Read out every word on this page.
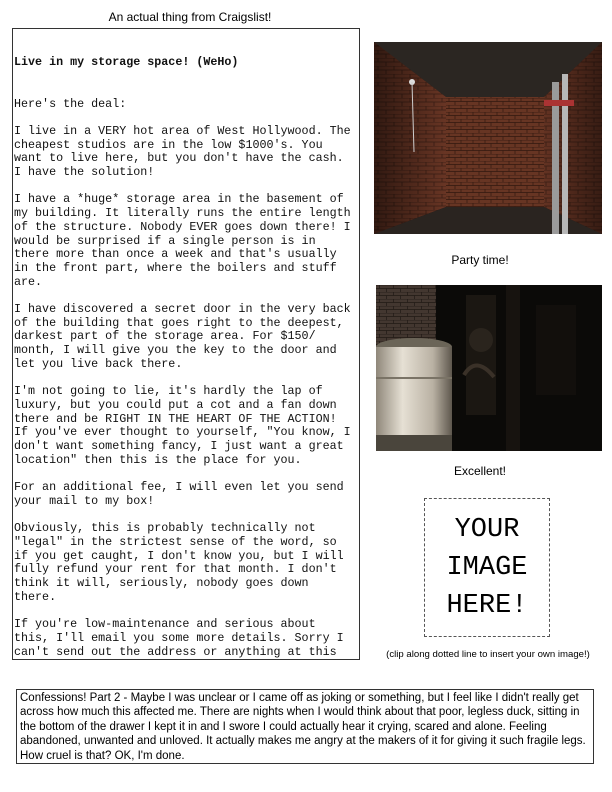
An actual thing from Craigslist!

Live in my storage space! (WeHo)

Here's the deal:

I live in a VERY hot area of West Hollywood. The
cheapest studios are in the low $1000's. You
want to live here, but you don't have the cash.
I have the solution!

I have a *huge* storage area in the basement of
my building. It literally runs the entire length
of the structure. Nobody EVER goes down there! I
would be surprised if a single person is in
there more than once a week and that's usually
in the front part, where the boilers and stuff
are.

I have discovered a secret door in the very back
of the building that goes right to the deepest,
darkest part of the storage area. For $150/
month, I will give you the key to the door and
let you live back there.

I'm not going to lie, it's hardly the lap of
luxury, but you could put a cot and a fan down
there and be RIGHT IN THE HEART OF THE ACTION!
If you've ever thought to yourself, "You know, I
don't want something fancy, I just want a great
location" then this is the place for you.

For an additional fee, I will even let you send
your mail to my box!

Obviously, this is probably technically not
"legal" in the strictest sense of the word, so
if you get caught, I don't know you, but I will
fully refund your rent for that month. I don't
think it will, seriously, nobody goes down
there.

If you're low-maintenance and serious about
this, I'll email you some more details. Sorry I
can't send out the address or anything at this

Party time!
Excellent!
YOUR
IMAGE
HERE!
(clip along dotted line to insert your own image!)
Confessions! Part 2 - Maybe I was unclear or I came off as joking or something, but I feel like I didn't really get across how much this affected me. There are nights when I would think about that poor, legless duck, sitting in the bottom of the drawer I kept it in and I swore I could actually hear it crying, scared and alone. Feeling abandoned, unwanted and unloved. It actually makes me angry at the makers of it for giving it such fragile legs. How cruel is that? OK, I'm done.
